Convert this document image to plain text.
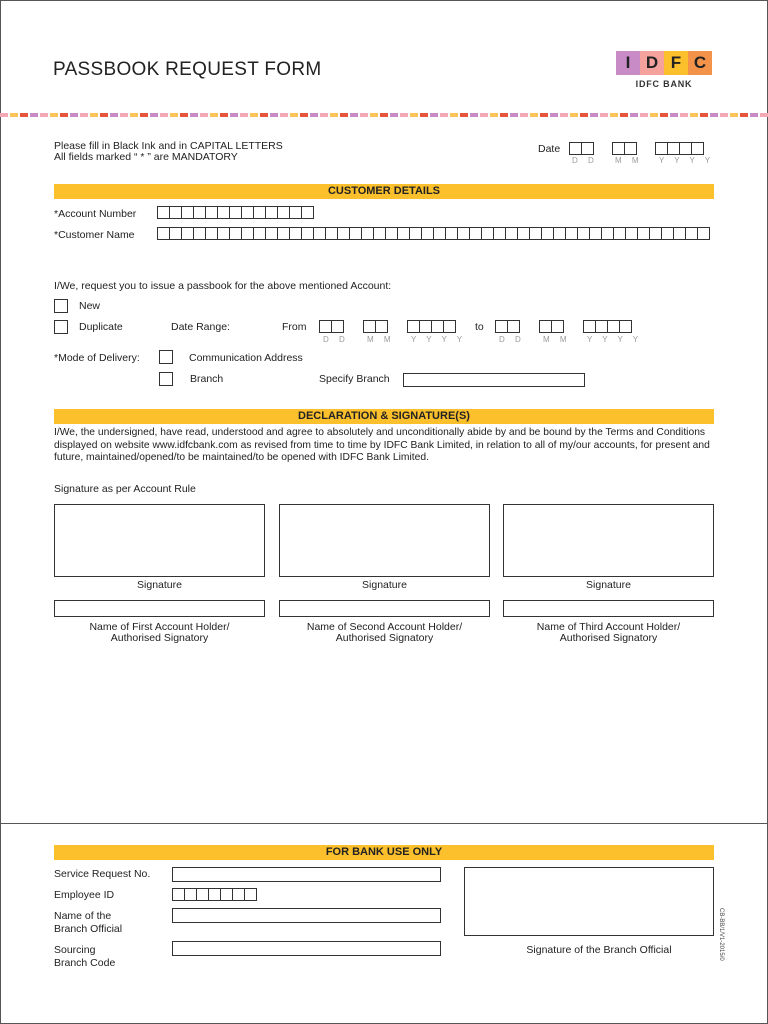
PASSBOOK REQUEST FORM	I D F C
IDFC BANK
Please fill in Black Ink and in CAPITAL LETTERS
All fields marked “ * ” are MANDATORY
Date
D D M M Y Y Y Y
CUSTOMER DETAILS
*Account Number
*Customer Name
I/We, request you to issue a passbook for the above mentioned Account:
New
Duplicate	Date Range:	From
D D M M Y Y Y Y
to
D D M M Y Y Y Y
*Mode of Delivery:	Communication Address
Branch	Specify Branch
DECLARATION & SIGNATURE(S)
I/We, the undersigned, have read, understood and agree to absolutely and unconditionally abide by and be bound by the Terms and Conditions displayed on website www.idfcbank.com as revised from time to time by IDFC Bank Limited, in relation to all of my/our accounts, for present and future, maintained/opened/to be maintained/to be opened with IDFC Bank Limited.
Signature as per Account Rule
Signature	Signature	Signature
Name of First Account Holder/
Authorised Signatory
Name of Second Account Holder/
Authorised Signatory
Name of Third Account Holder/
Authorised Signatory
FOR BANK USE ONLY
Service Request No.
Employee ID
Name of the
Branch Official
Sourcing
Branch Code
Signature of the Branch Official	CB-BB/1/V1-2015/0
